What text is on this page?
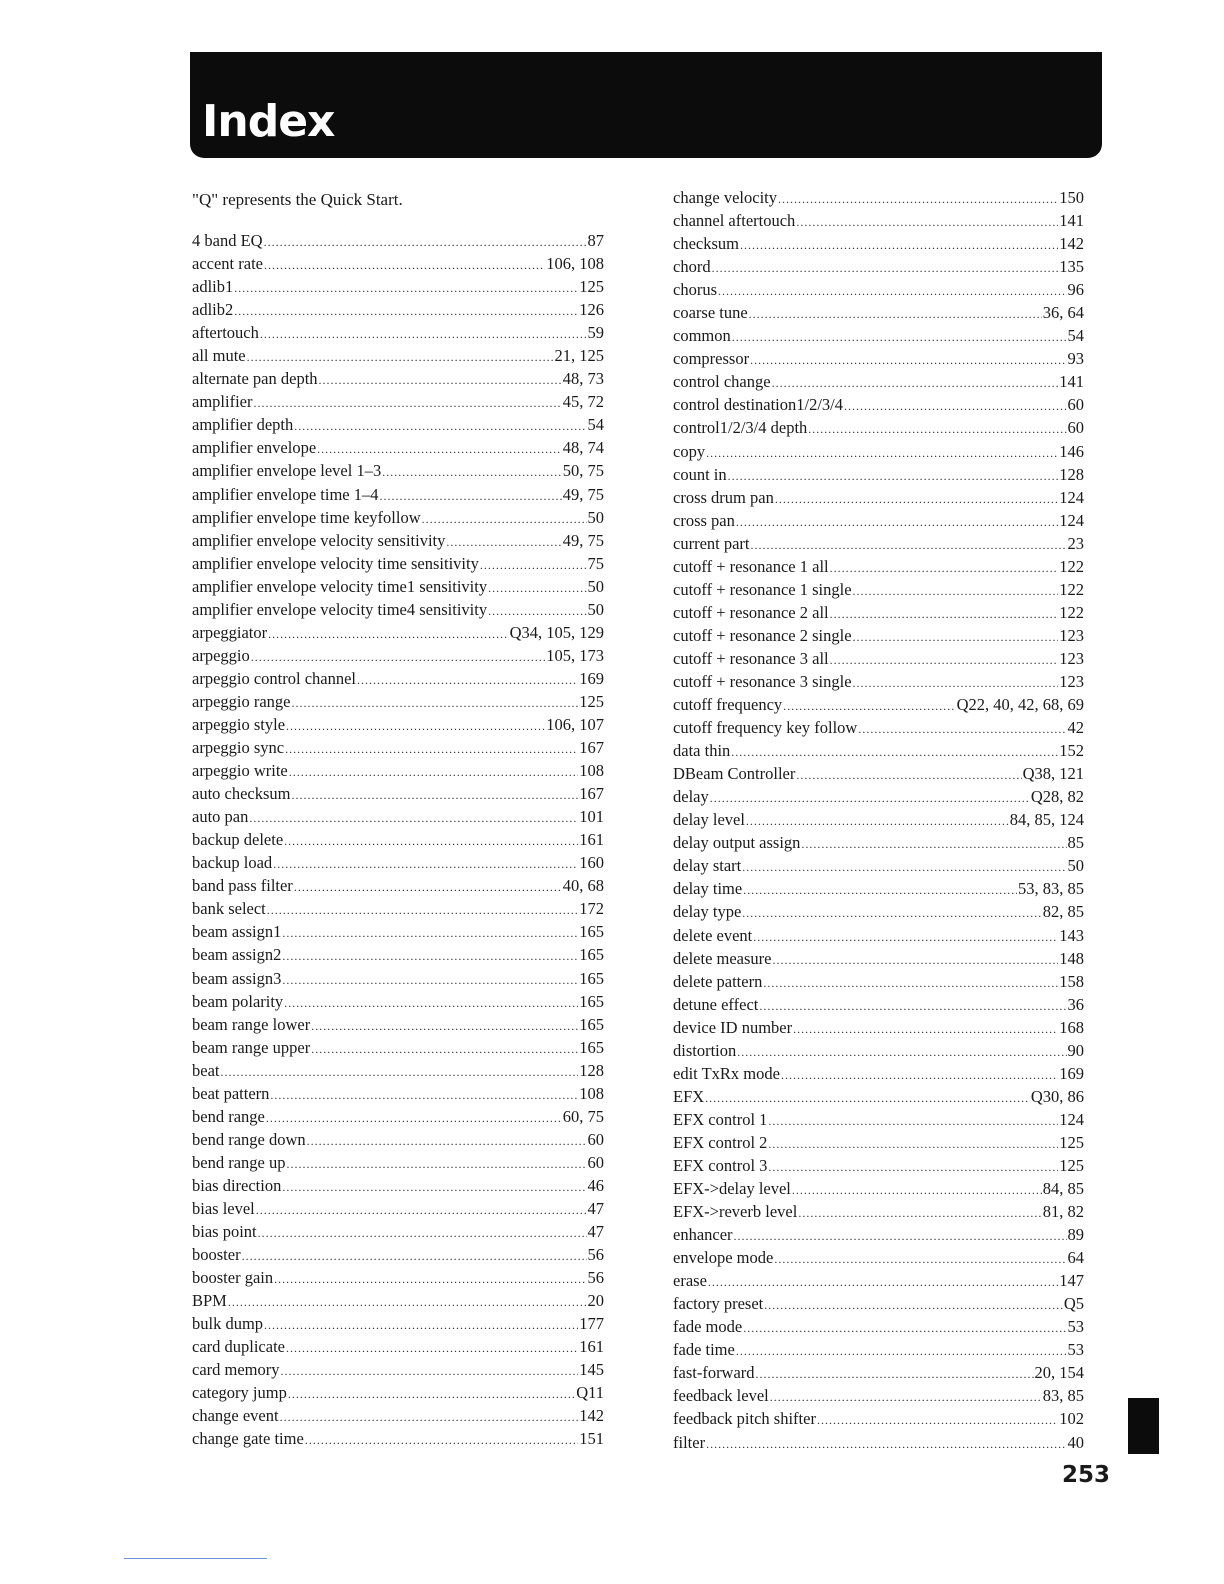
Index
"Q" represents the Quick Start.
4 band EQ .....	87
accent rate .....	106, 108
adlib1 .....	125
adlib2 .....	126
aftertouch .....	59
all mute .....	21, 125
alternate pan depth .....	48, 73
amplifier .....	45, 72
amplifier depth .....	54
amplifier envelope .....	48, 74
amplifier envelope level 1–3 .....	50, 75
amplifier envelope time 1–4 .....	49, 75
amplifier envelope time keyfollow .....	50
amplifier envelope velocity sensitivity .....	49, 75
amplifier envelope velocity time sensitivity .....	75
amplifier envelope velocity time1 sensitivity .....	50
amplifier envelope velocity time4 sensitivity .....	50
arpeggiator .....	Q34, 105, 129
arpeggio .....	105, 173
arpeggio control channel .....	169
arpeggio range .....	125
arpeggio style .....	106, 107
arpeggio sync .....	167
arpeggio write .....	108
auto checksum .....	167
auto pan .....	101
backup delete .....	161
backup load .....	160
band pass filter .....	40, 68
bank select .....	172
beam assign1 .....	165
beam assign2 .....	165
beam assign3 .....	165
beam polarity .....	165
beam range lower .....	165
beam range upper .....	165
beat .....	128
beat pattern .....	108
bend range .....	60, 75
bend range down .....	60
bend range up .....	60
bias direction .....	46
bias level .....	47
bias point .....	47
booster .....	56
booster gain .....	56
BPM .....	20
bulk dump .....	177
card duplicate .....	161
card memory .....	145
category jump .....	Q11
change event .....	142
change gate time .....	151
change velocity .....	150
channel aftertouch .....	141
checksum .....	142
chord .....	135
chorus .....	96
coarse tune .....	36, 64
common .....	54
compressor .....	93
control change .....	141
control destination1/2/3/4 .....	60
control1/2/3/4 depth .....	60
copy .....	146
count in .....	128
cross drum pan .....	124
cross pan .....	124
current part .....	23
cutoff + resonance 1 all .....	122
cutoff + resonance 1 single .....	122
cutoff + resonance 2 all .....	122
cutoff + resonance 2 single .....	123
cutoff + resonance 3 all .....	123
cutoff + resonance 3 single .....	123
cutoff frequency .....	Q22, 40, 42, 68, 69
cutoff frequency key follow .....	42
data thin .....	152
DBeam Controller .....	Q38, 121
delay .....	Q28, 82
delay level .....	84, 85, 124
delay output assign .....	85
delay start .....	50
delay time .....	53, 83, 85
delay type .....	82, 85
delete event .....	143
delete measure .....	148
delete pattern .....	158
detune effect .....	36
device ID number .....	168
distortion .....	90
edit TxRx mode .....	169
EFX .....	Q30, 86
EFX control 1 .....	124
EFX control 2 .....	125
EFX control 3 .....	125
EFX->delay level .....	84, 85
EFX->reverb level .....	81, 82
enhancer .....	89
envelope mode .....	64
erase .....	147
factory preset .....	Q5
fade mode .....	53
fade time .....	53
fast-forward .....	20, 154
feedback level .....	83, 85
feedback pitch shifter .....	102
filter .....	40
253
